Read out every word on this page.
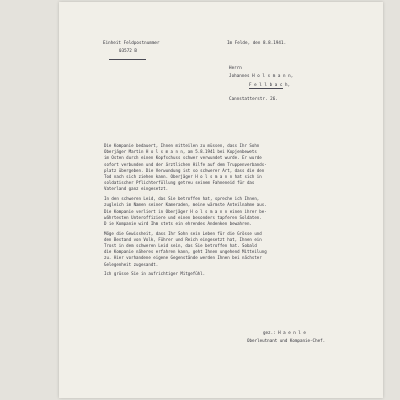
Einheit Feldpostnummer

03572 B

Im Felde, den 8.8.1941.

Herrn

Johannes H o l s m a n n,

F e l l b a c h,

Cannstatterstr. 26.

Die Kompanie bedauert, Ihnen mitteilen zu müssen, dass Ihr Sohn
Oberjäger Martin H o l s m a n n, am 5.8.1941 bei Kopjenbewets
im Osten durch einen Kopfschuss schwer verwundet wurde. Er wurde
sofort verbunden und der ärztlichen Hilfe auf dem Truppenverbands-
platz übergeben. Die Verwundung ist so schwerer Art, dass die den
Tod nach sich ziehen kann. Oberjäger H o l s m a n n hat sich in
soldatischer Pflichterfüllung getreu seinem Fahneneid für das
Vaterland ganz eingesetzt.
In den schweren Leid, das Sie betroffen hat, spreche ich Ihnen,
zugleich im Namen seiner Kameraden, meine wärmste Anteilnahme aus.
Die Kompanie verliert in Oberjäger H o l s m a n n einen ihrer be-
währtesten Unteroffiziere und einen besonders tapferen Soldaten.
D ie Kompanie wird Ihm stets ein ehrendes Andenken bewahren.
Möge die Gewissheit, dass Ihr Sohn sein Leben für die Grösse und
den Bestand von Volk, Führer und Reich eingesetzt hat, Ihnen ein
Trost in dem schweren Leid sein, das Sie betroffen hat. Sobald
die Kompanie näheres erfahren kann, geht Ihnen ungehend Mitteilung
zu. Hier vorhandene eigene Gegenstände werden Ihnen bei nächster
Gelegenheit zugesandt.
Ich grüsse Sie in aufrichtiger Mitgefühl.

gez.: H a e n l e

Oberleutnant und Kompanie-Chef.
